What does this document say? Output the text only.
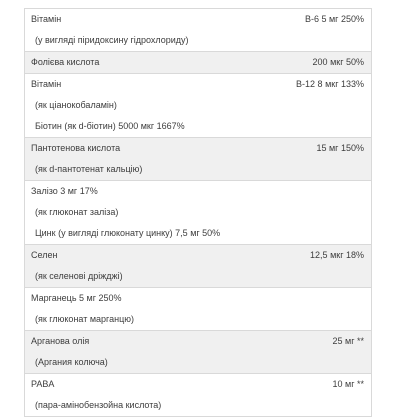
Вітамін	В-6 5 мг 250%
(у вигляді піридоксину гідрохлориду)
Фолієва кислота	200 мкг 50%
Вітамін	В-12 8 мкг 133%
(як ціанокобаламін)
Біотин (як d-біотин) 5000 мкг 1667%
Пантотенова кислота	15 мг 150%
(як d-пантотенат кальцію)
Залізо 3 мг 17%
(як глюконат заліза)
Цинк (у вигляді глюконату цинку) 7,5 мг 50%
Селен	12,5 мкг 18%
(як селенові дріжджі)
Марганець 5 мг 250%
(як глюконат марганцю)
Арганова олія	25 мг **
(Аргания колюча)
PABA	10 мг **
(пара-амінобензойна кислота)
